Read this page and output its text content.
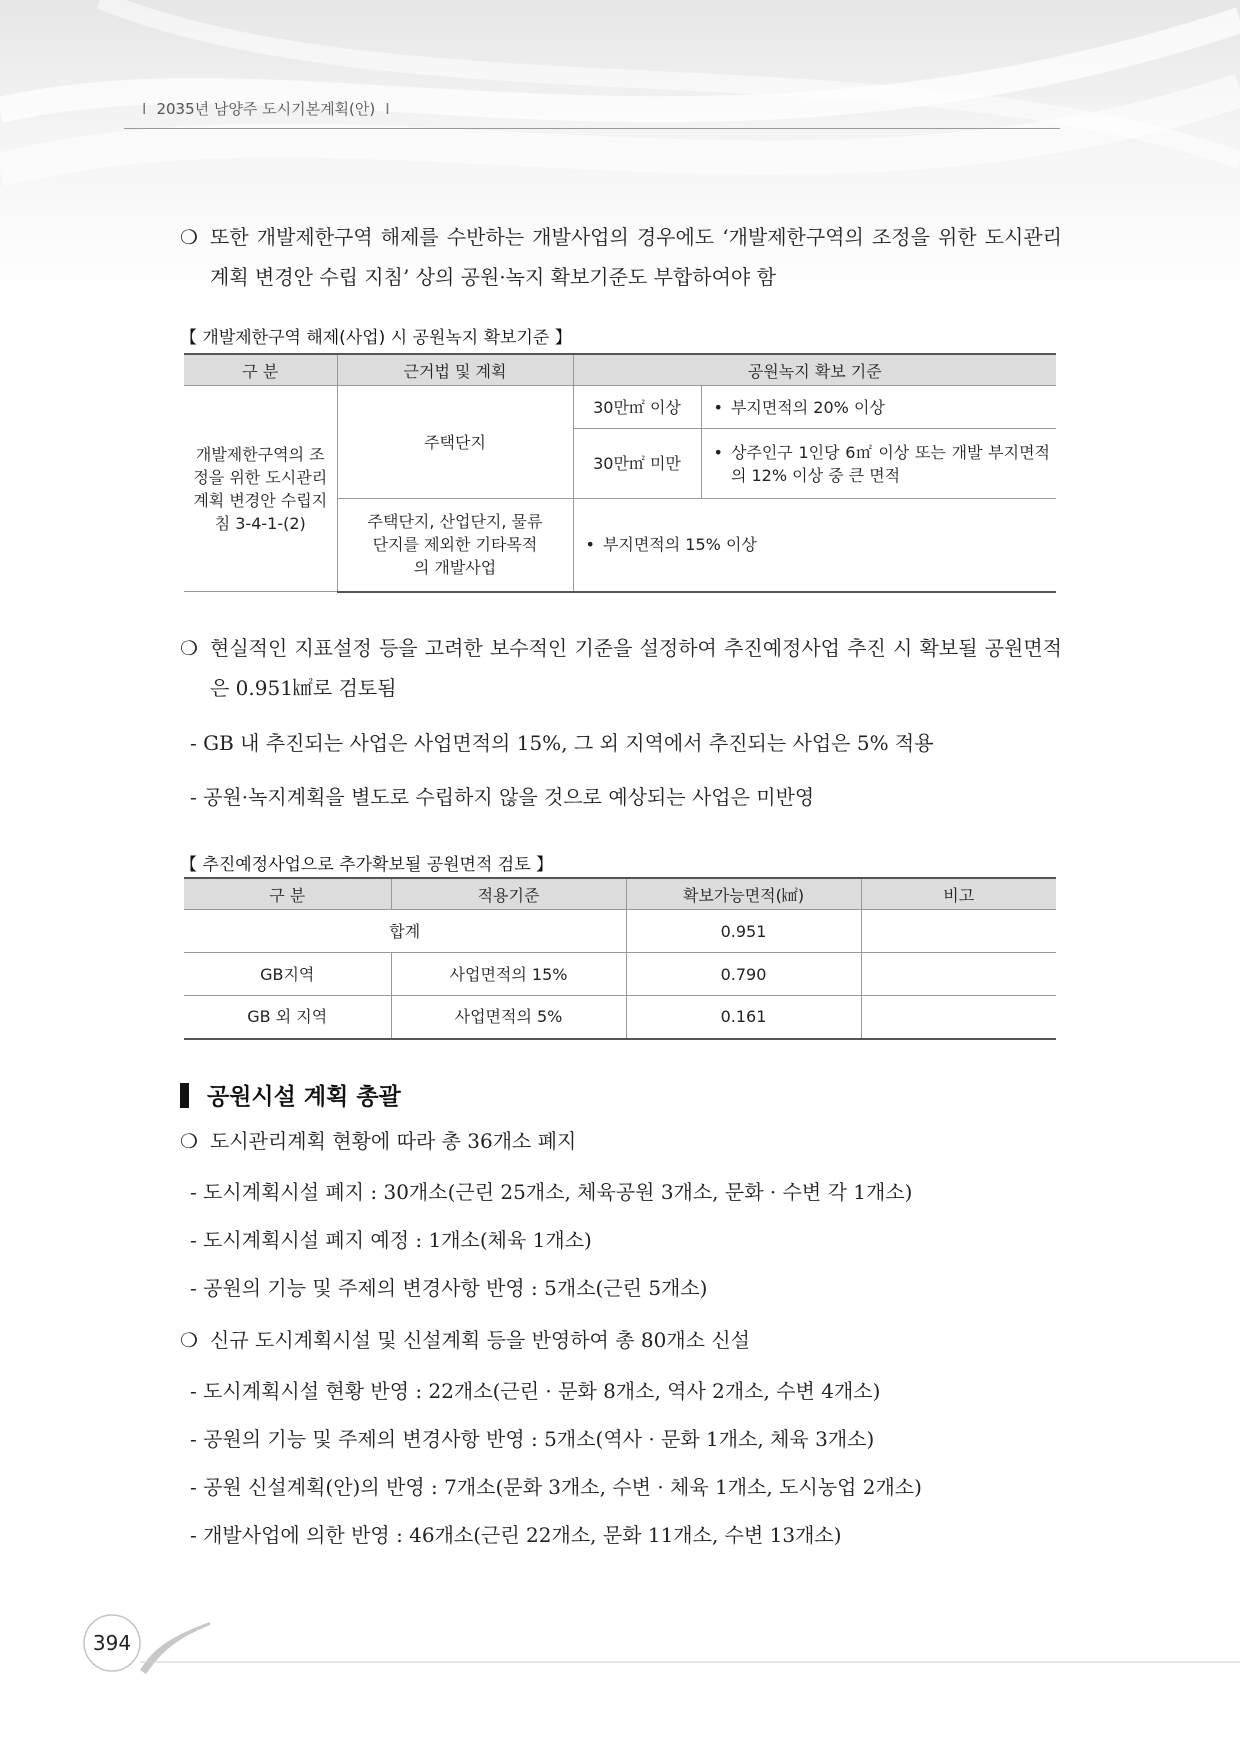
I 2035년 남양주 도시기본계획(안) I
❍ 또한 개발제한구역 해제를 수반하는 개발사업의 경우에도 ‘개발제한구역의 조정을 위한 도시관리계획 변경안 수립 지침’ 상의 공원·녹지 확보기준도 부합하여야 함
【 개발제한구역 해제(사업) 시 공원녹지 확보기준 】
구 분	근거법 및 계획	공원녹지 확보 기준	
개발제한구역의 조정을 위한 도시관리계획 변경안 수립지침 3-4-1-(2)	주택단지	30만㎡ 이상	• 부지면적의 20% 이상
		30만㎡ 미만	• 상주인구 1인당 6㎡ 이상 또는 개발 부지면적의 12% 이상 중 큰 면적

	주택단지, 산업단지, 물류단지를 제외한 기타목적의 개발사업	• 부지면적의 15% 이상	
❍ 현실적인 지표설정 등을 고려한 보수적인 기준을 설정하여 추진예정사업 추진 시 확보될 공원면적은 0.951㎢로 검토됨
- GB 내 추진되는 사업은 사업면적의 15%, 그 외 지역에서 추진되는 사업은 5% 적용
- 공원·녹지계획을 별도로 수립하지 않을 것으로 예상되는 사업은 미반영
【 추진예정사업으로 추가확보될 공원면적 검토 】
구 분	적용기준	확보가능면적(㎢)	비고
합계		0.951	
GB지역	사업면적의 15%	0.790	
GB 외 지역	사업면적의 5%	0.161	
공원시설 계획 총괄
❍ 도시관리계획 현황에 따라 총 36개소 폐지
- 도시계획시설 폐지 : 30개소(근린 25개소, 체육공원 3개소, 문화 · 수변 각 1개소)
- 도시계획시설 폐지 예정 : 1개소(체육 1개소)
- 공원의 기능 및 주제의 변경사항 반영 : 5개소(근린 5개소)
❍ 신규 도시계획시설 및 신설계획 등을 반영하여 총 80개소 신설
- 도시계획시설 현황 반영 : 22개소(근린 · 문화 8개소, 역사 2개소, 수변 4개소)
- 공원의 기능 및 주제의 변경사항 반영 : 5개소(역사 · 문화 1개소, 체육 3개소)
- 공원 신설계획(안)의 반영 : 7개소(문화 3개소, 수변 · 체육 1개소, 도시농업 2개소)
- 개발사업에 의한 반영 : 46개소(근린 22개소, 문화 11개소, 수변 13개소)
394
